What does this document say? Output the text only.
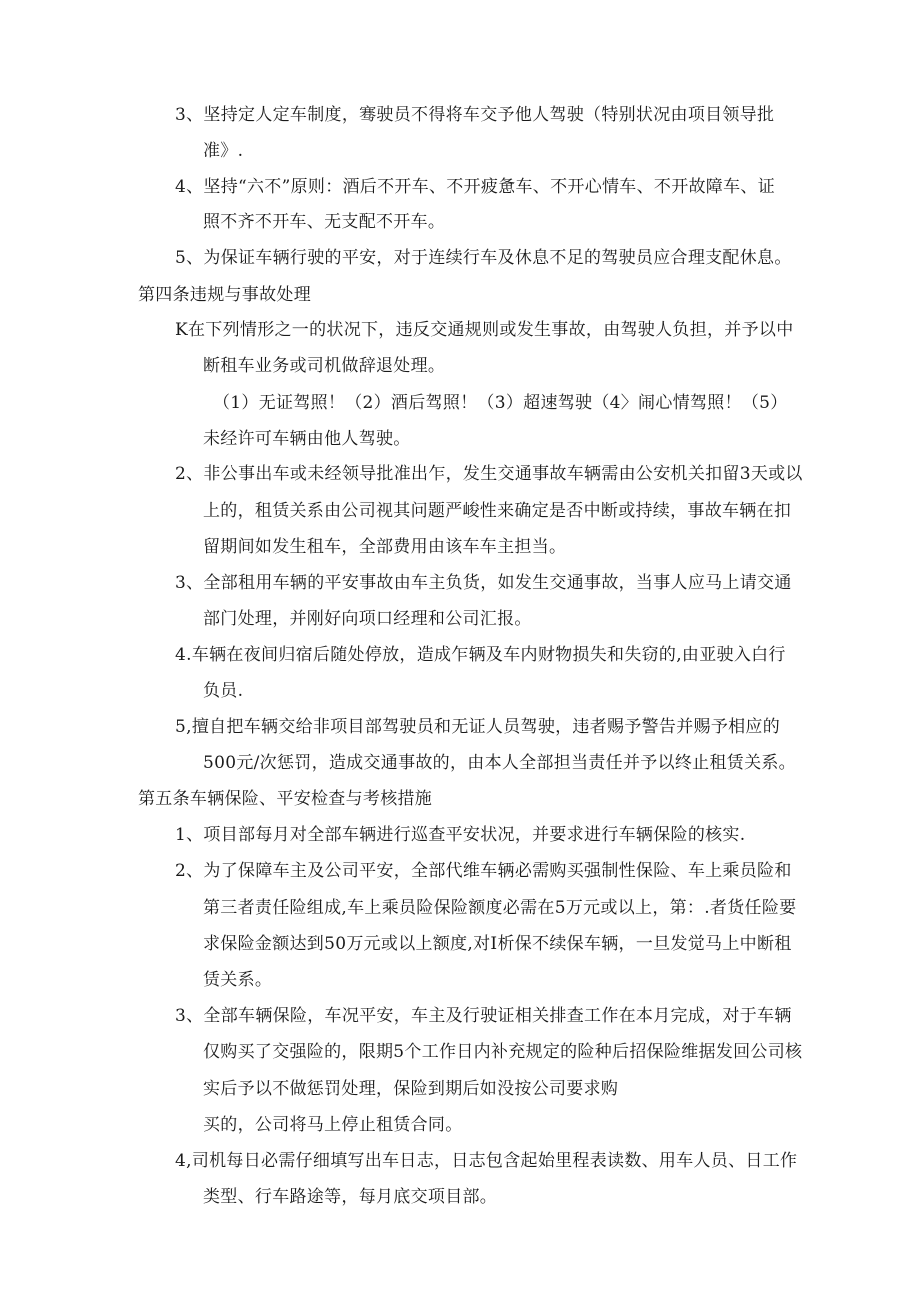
3、坚持定人定车制度，骞驶员不得将车交予他人驾驶（特别状况由项目领导批
准》.
4、坚持“六不”原则：酒后不开车、不开疲惫车、不开心情车、不开故障车、证
照不齐不开车、无支配不开车。
5、为保证车辆行驶的平安，对于连续行车及休息不足的驾驶员应合理支配休息。
第四条违规与事故处理
K在下列情形之一的状况下，违反交通规则或发生事故，由驾驶人负担，并予以中
断租车业务或司机做辞退处理。
（1）无证驾照！（2）酒后驾照！（3）超速驾驶（4〉闹心情驾照！（5）
未经许可车辆由他人驾驶。
2、非公事出车或未经领导批准出乍，发生交通事故车辆需由公安机关扣留3天或以
上的，租赁关系由公司视其问题严峻性来确定是否中断或持续，事故车辆在扣
留期间如发生租车，全部费用由该车车主担当。
3、全部租用车辆的平安事故由车主负货，如发生交通事故，当事人应马上请交通
部门处理，并刚好向项口经理和公司汇报。
4.车辆在夜间归宿后随处停放，造成乍辆及车内财物损失和失窃的,由亚驶入白行
负员.
5,擅自把车辆交给非项目部驾驶员和无证人员驾驶，违者赐予警告并赐予相应的
500元/次惩罚，造成交通事故的，由本人全部担当责任并予以终止租赁关系。
第五条车辆保险、平安检查与考核措施
1、项目部每月对全部车辆进行巡查平安状况，并要求进行车辆保险的核实.
2、为了保障车主及公司平安，全部代维车辆必需购买强制性保险、车上乘员险和
第三者责任险组成,车上乘员险保险额度必需在5万元或以上，第：.者货任险要
求保险金额达到50万元或以上额度,对I析保不续保车辆，一旦发觉马上中断租
赁关系。
3、全部车辆保险，车况平安，车主及行驶证相关排查工作在本月完成，对于车辆
仅购买了交强险的，限期5个工作日内补充规定的险种后招保险维据发回公司核
实后予以不做惩罚处理，保险到期后如没按公司要求购
买的，公司将马上停止租赁合同。
4,司机每日必需仔细填写出车日志，日志包含起始里程表读数、用车人员、日工作
类型、行车路途等，每月底交项目部。
